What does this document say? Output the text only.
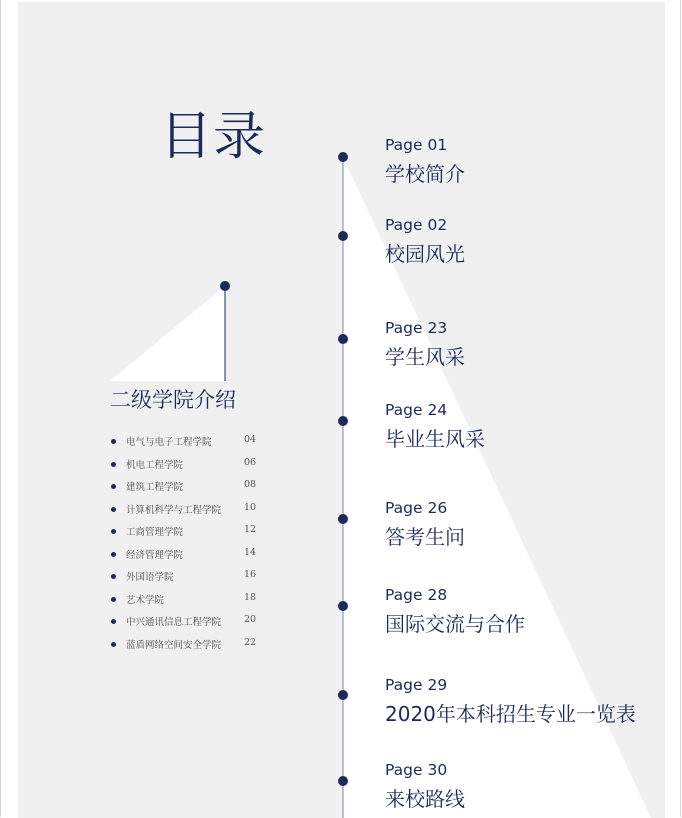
目录	Page 01
学校简介
Page 02
校园风光
Page 23
学生风采
Page 24
毕业生风采
Page 26
答考生问
Page 28
国际交流与合作
Page 29
2020年本科招生专业一览表
Page 30
来校路线
二级学院介绍
电气与电子工程学院	04
机电工程学院	06
建筑工程学院	08
计算机科学与工程学院 10
工商管理学院	12
经济管理学院	14
外国语学院	16
艺术学院	18
中兴通讯信息工程学院 20
蓝盾网络空间安全学院 22
